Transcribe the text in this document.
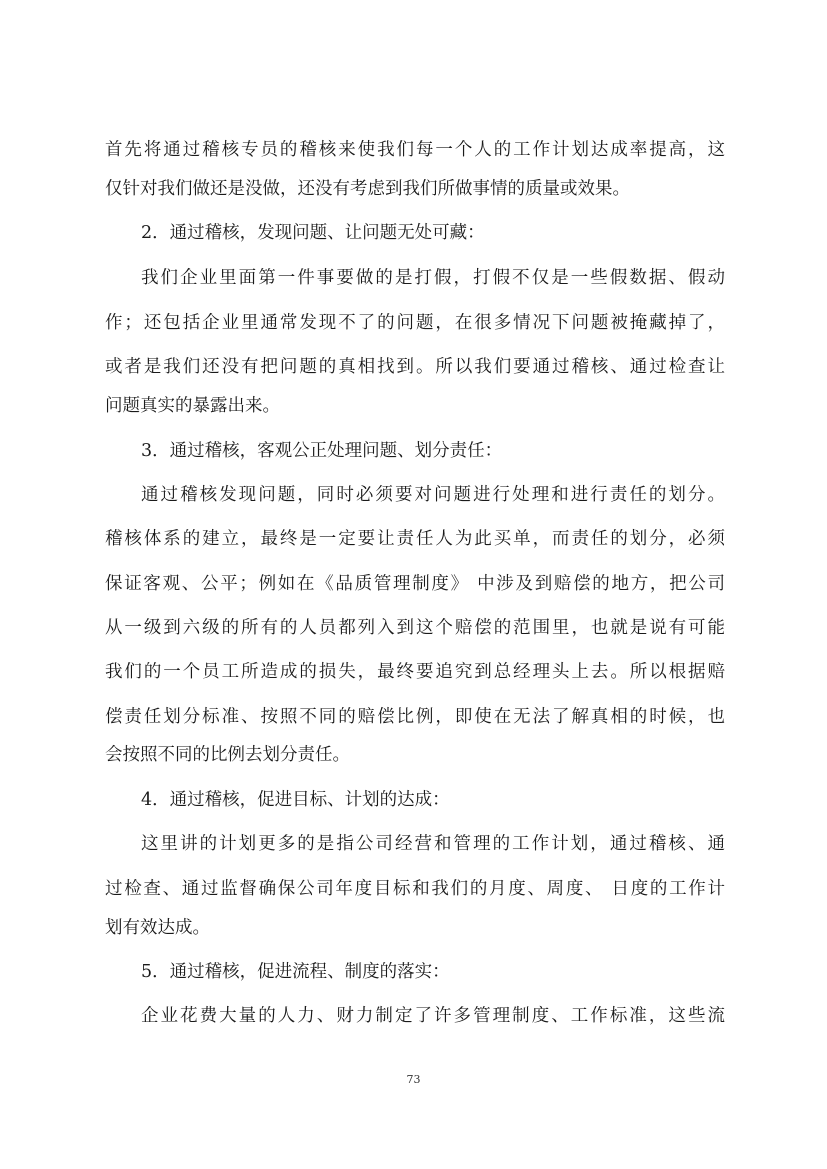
首先将通过稽核专员的稽核来使我们每一个人的工作计划达成率提高，这
仅针对我们做还是没做，还没有考虑到我们所做事情的质量或效果。
2．通过稽核，发现问题、让问题无处可藏：
我们企业里面第一件事要做的是打假，打假不仅是一些假数据、假动
作；还包括企业里通常发现不了的问题，在很多情况下问题被掩藏掉了，
或者是我们还没有把问题的真相找到。所以我们要通过稽核、通过检查让
问题真实的暴露出来。
3．通过稽核，客观公正处理问题、划分责任：
通过稽核发现问题，同时必须要对问题进行处理和进行责任的划分。
稽核体系的建立，最终是一定要让责任人为此买单，而责任的划分，必须
保证客观、公平；例如在《品质管理制度》 中涉及到赔偿的地方，把公司
从一级到六级的所有的人员都列入到这个赔偿的范围里，也就是说有可能
我们的一个员工所造成的损失，最终要追究到总经理头上去。所以根据赔
偿责任划分标准、按照不同的赔偿比例，即使在无法了解真相的时候，也
会按照不同的比例去划分责任。
4．通过稽核，促进目标、计划的达成：
这里讲的计划更多的是指公司经营和管理的工作计划，通过稽核、通
过检查、通过监督确保公司年度目标和我们的月度、周度、 日度的工作计
划有效达成。
5．通过稽核，促进流程、制度的落实：
企业花费大量的人力、财力制定了许多管理制度、工作标准，这些流
73
